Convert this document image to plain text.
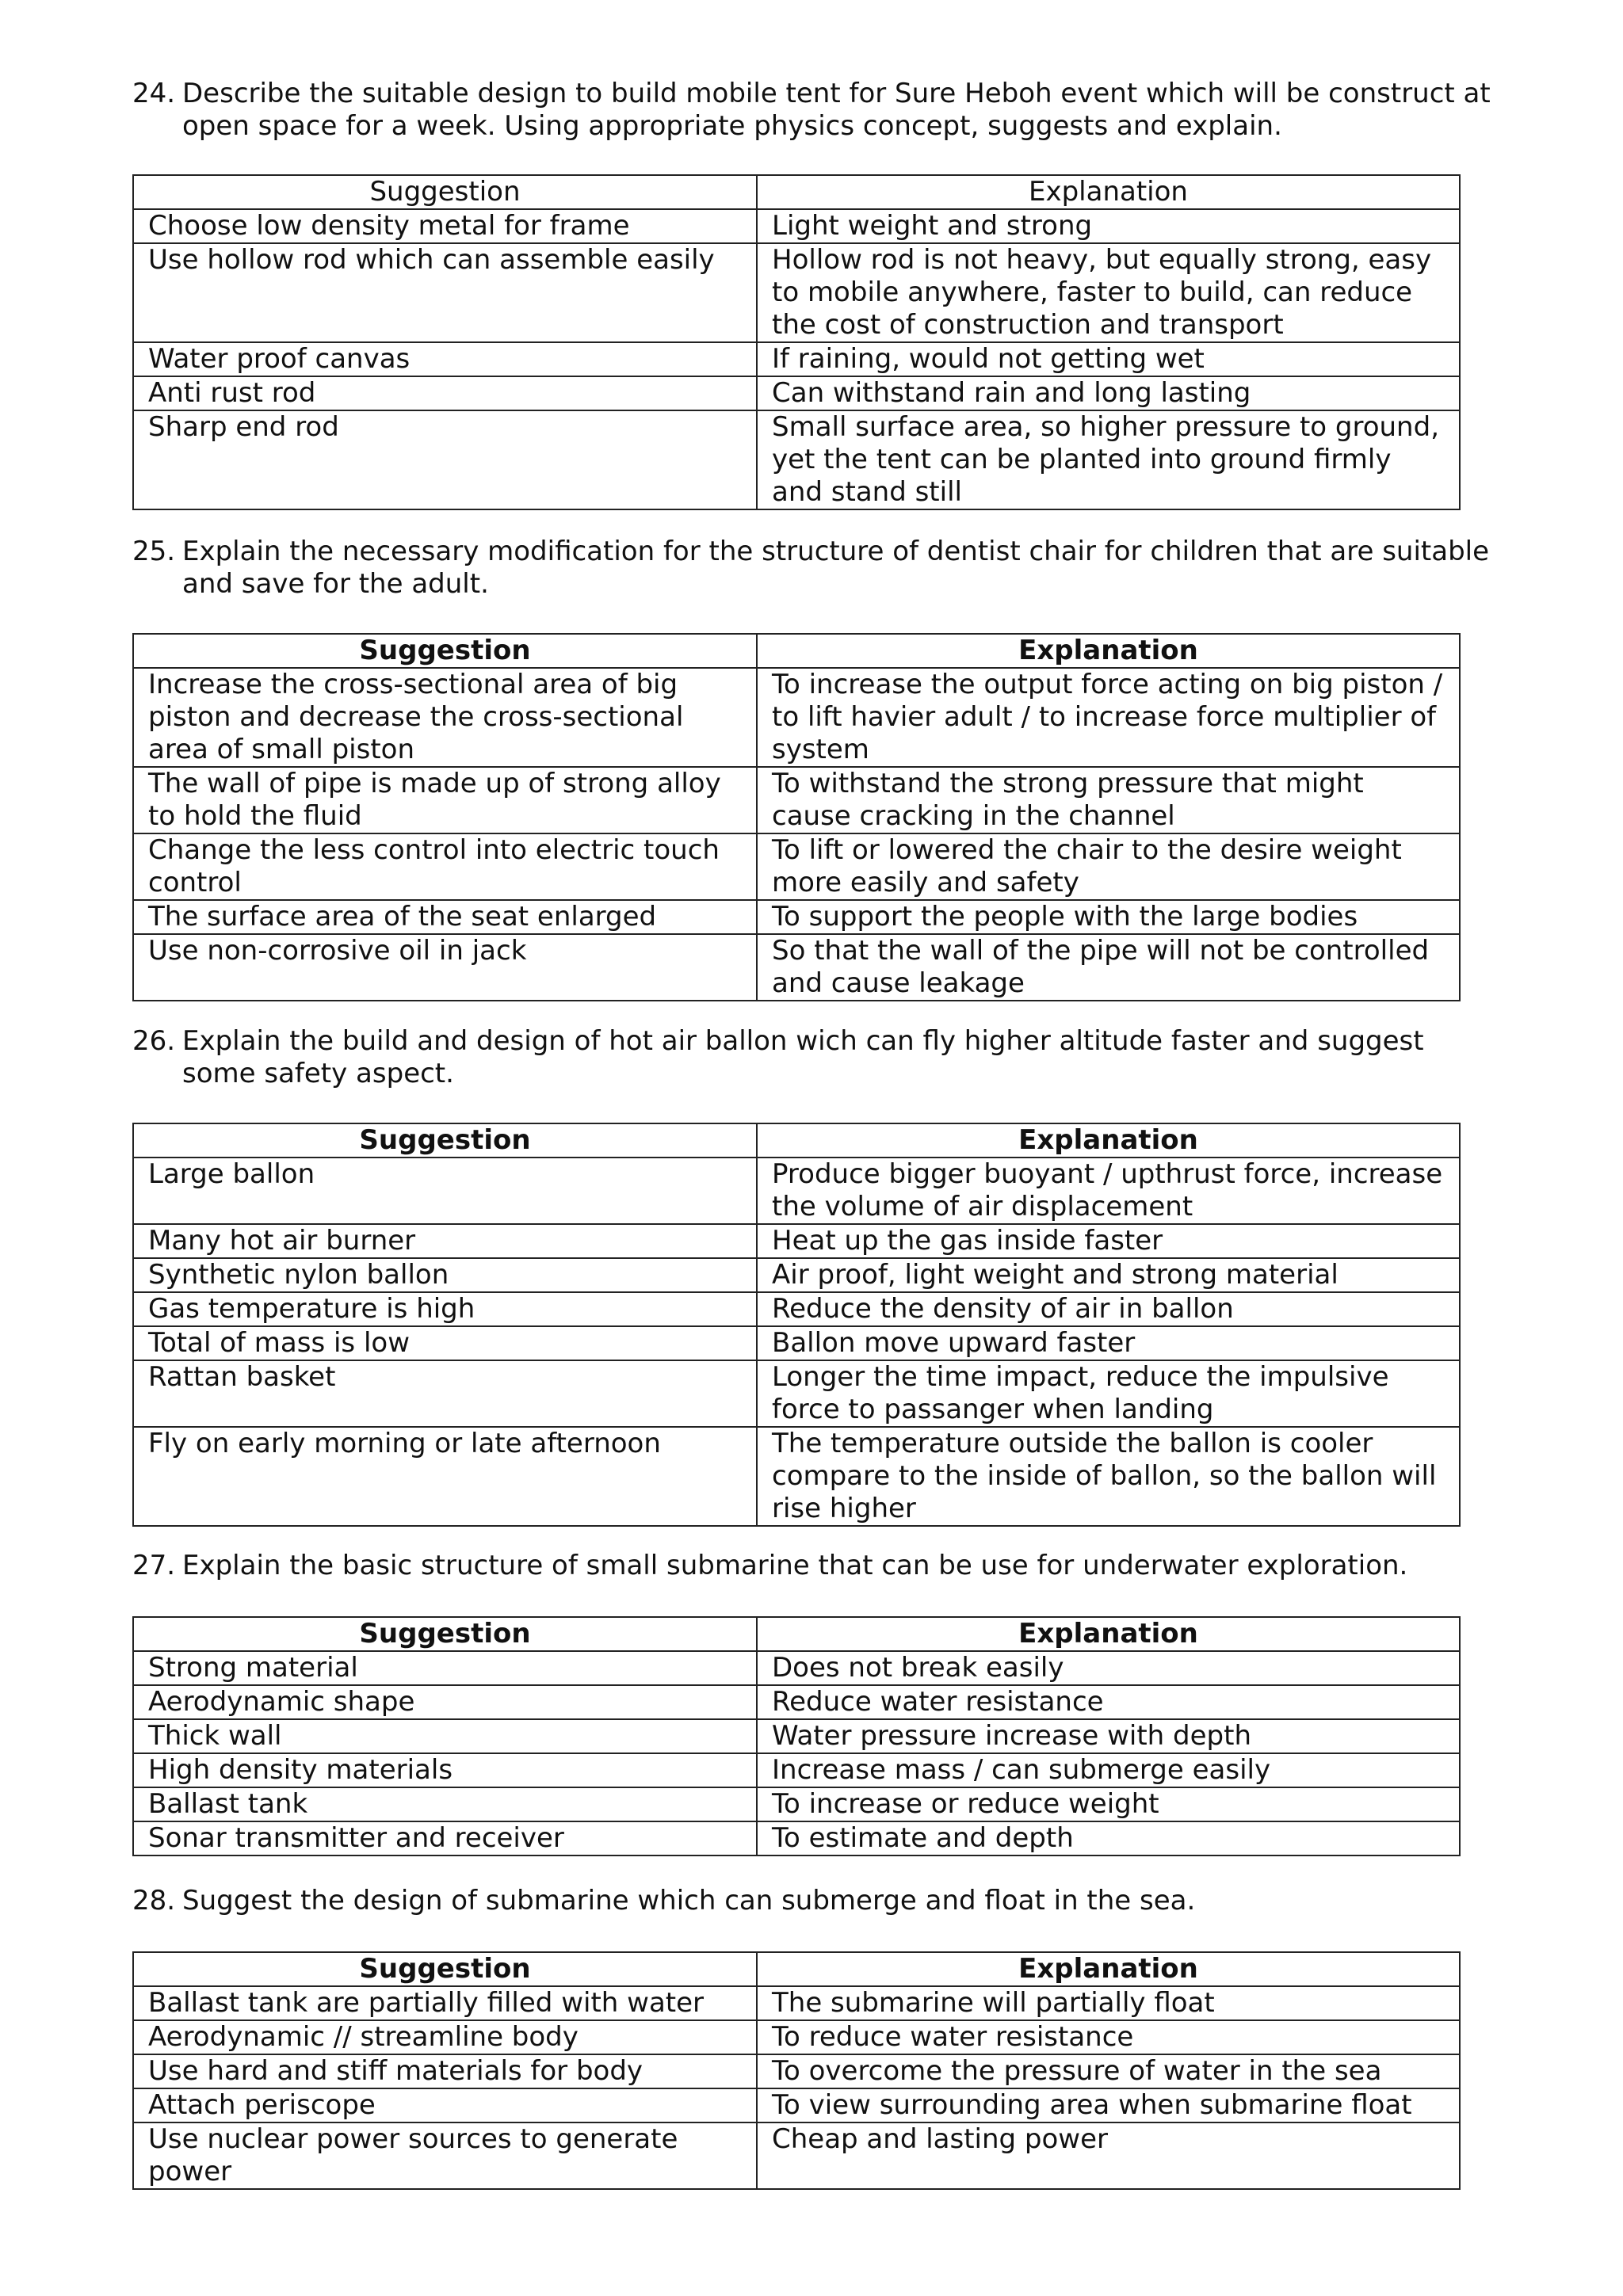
24. Describe the suitable design to build mobile tent for Sure Heboh event which will be construct at open space for a week. Using appropriate physics concept, suggests and explain.
Suggestion	Explanation
Choose low density metal for frame	Light weight and strong
Use hollow rod which can assemble easily	Hollow rod is not heavy, but equally strong, easy to mobile anywhere, faster to build, can reduce the cost of construction and transport
Water proof canvas	If raining, would not getting wet
Anti rust rod	Can withstand rain and long lasting
Sharp end rod	Small surface area, so higher pressure to ground, yet the tent can be planted into ground firmly and stand still
25. Explain the necessary modification for the structure of dentist chair for children that are suitable and save for the adult.
Suggestion	Explanation
Increase the cross-sectional area of big piston and decrease the cross-sectional area of small piston	To increase the output force acting on big piston / to lift havier adult / to increase force multiplier of system
The wall of pipe is made up of strong alloy to hold the fluid	To withstand the strong pressure that might cause cracking in the channel
Change the less control into electric touch control	To lift or lowered the chair to the desire weight more easily and safety
The surface area of the seat enlarged	To support the people with the large bodies
Use non-corrosive oil in jack	So that the wall of the pipe will not be controlled and cause leakage
26. Explain the build and design of hot air ballon wich can fly higher altitude faster and suggest some safety aspect.
Suggestion	Explanation
Large ballon	Produce bigger buoyant / upthrust force, increase the volume of air displacement
Many hot air burner	Heat up the gas inside faster
Synthetic nylon ballon	Air proof, light weight and strong material
Gas temperature is high	Reduce the density of air in ballon
Total of mass is low	Ballon move upward faster
Rattan basket	Longer the time impact, reduce the impulsive force to passanger when landing
Fly on early morning or late afternoon	The temperature outside the ballon is cooler compare to the inside of ballon, so the ballon will rise higher
27. Explain the basic structure of small submarine that can be use for underwater exploration.
Suggestion	Explanation
Strong material	Does not break easily
Aerodynamic shape	Reduce water resistance
Thick wall	Water pressure increase with depth
High density materials	Increase mass / can submerge easily
Ballast tank	To increase or reduce weight
Sonar transmitter and receiver	To estimate and depth
28. Suggest the design of submarine which can submerge and float in the sea.
Suggestion	Explanation
Ballast tank are partially filled with water	The submarine will partially float
Aerodynamic // streamline body	To reduce water resistance
Use hard and stiff materials for body	To overcome the pressure of water in the sea
Attach periscope	To view surrounding area when submarine float
Use nuclear power sources to generate power	Cheap and lasting power
